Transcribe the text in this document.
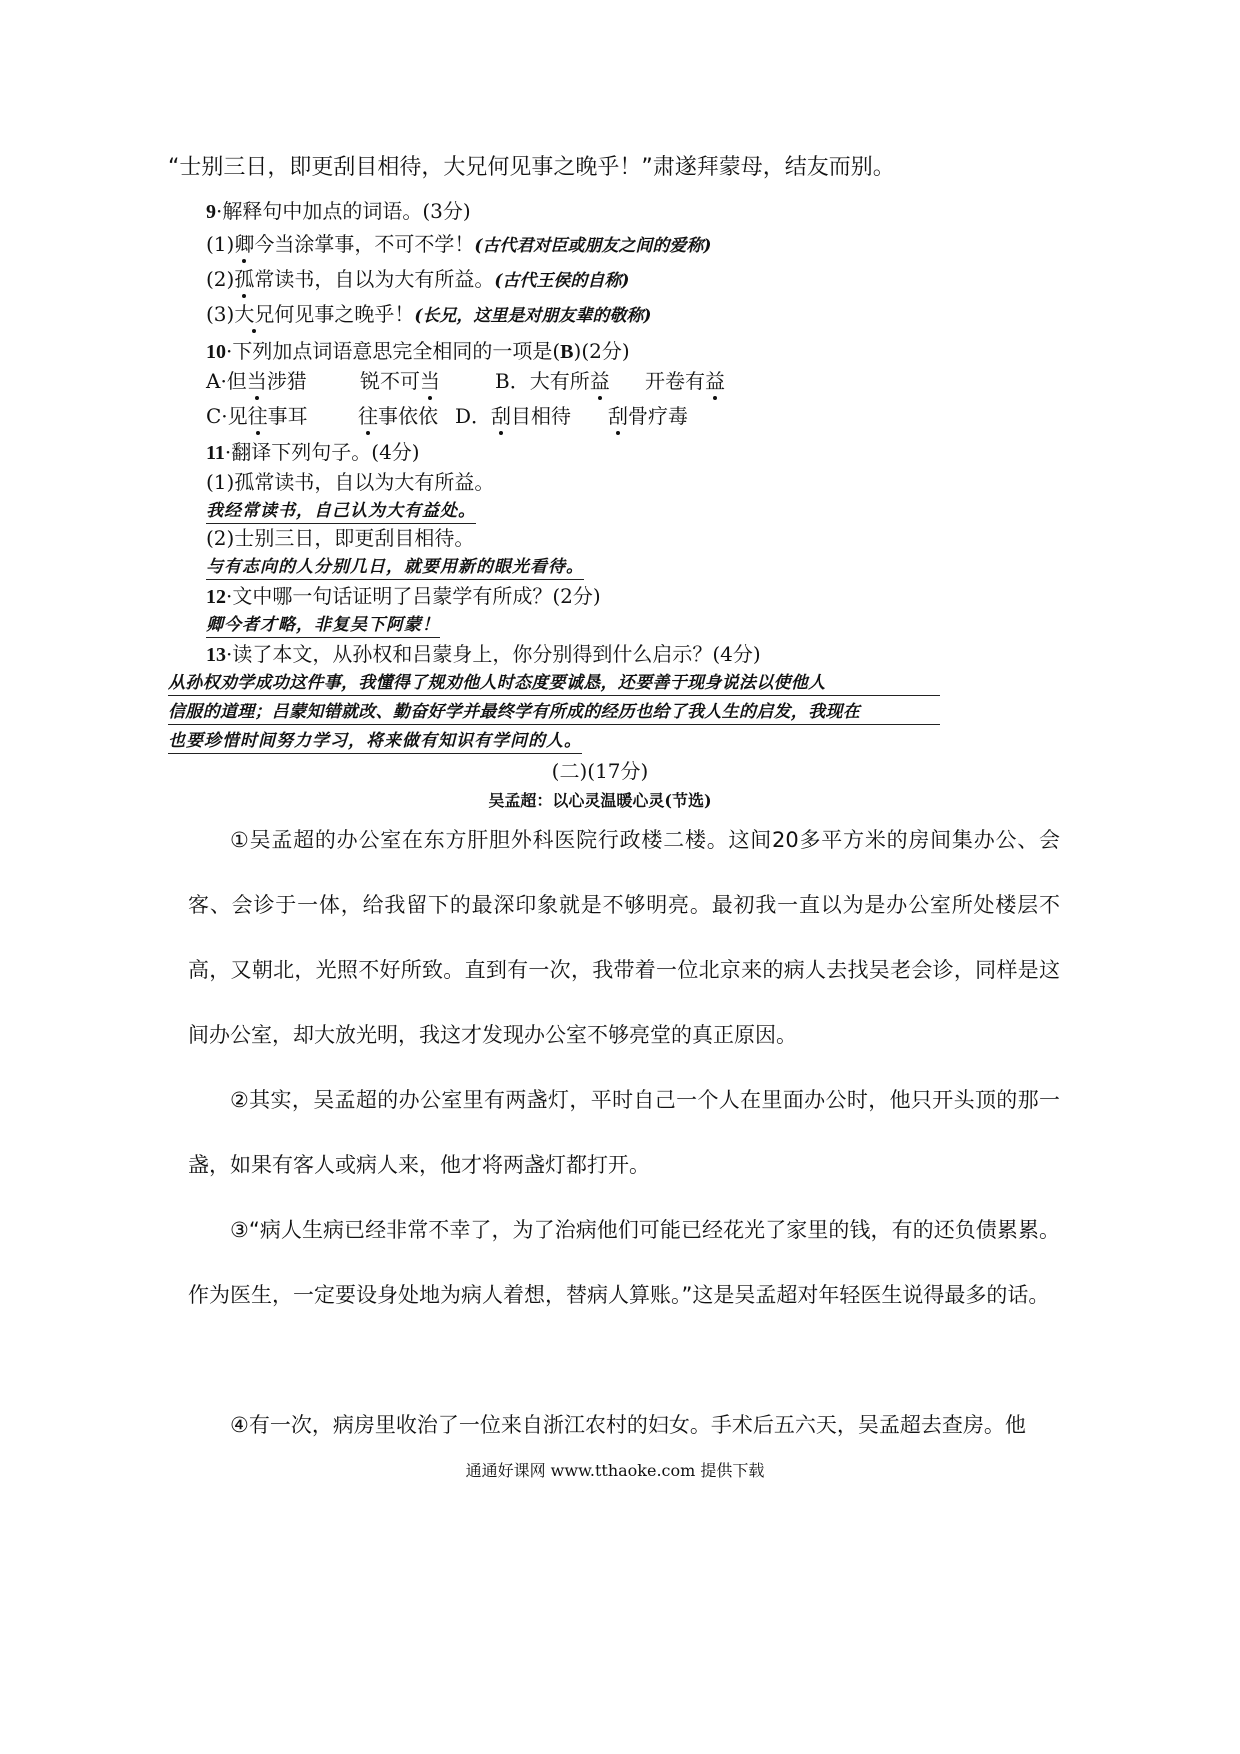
“士别三日，即更刮目相待，大兄何见事之晚乎！”肃遂拜蒙母，结友而别。
9·解释句中加点的词语。(3分)
(1)卿今当涂掌事，不可不学！(古代君对臣或朋友之间的爱称)
(2)孤常读书，自以为大有所益。(古代王侯的自称)
(3)大兄何见事之晚乎！(长兄，这里是对朋友辈的敬称)
10·下列加点词语意思完全相同的一项是(B)(2分)
A·但当涉猎	锐不可当	B．大有所益 开卷有益
C·见往事耳	往事依依 D．刮目相待 刮骨疗毒
11·翻译下列句子。(4分)
(1)孤常读书，自以为大有所益。
我经常读书，自己认为大有益处。
(2)士别三日，即更刮目相待。
与有志向的人分别几日，就要用新的眼光看待。
12·文中哪一句话证明了吕蒙学有所成？(2分)
卿今者才略，非复吴下阿蒙！
13·读了本文，从孙权和吕蒙身上，你分别得到什么启示？(4分)
从孙权劝学成功这件事，我懂得了规劝他人时态度要诚恳，还要善于现身说法以使他人
信服的道理；吕蒙知错就改、勤奋好学并最终学有所成的经历也给了我人生的启发，我现在
也要珍惜时间努力学习，将来做有知识有学问的人。
(二)(17分)
吴孟超：以心灵温暖心灵(节选)

①吴孟超的办公室在东方肝胆外科医院行政楼二楼。这间20多平方米的房间集办公、会客、会诊于一体，给我留下的最深印象就是不够明亮。最初我一直以为是办公室所处楼层不高，又朝北，光照不好所致。直到有一次，我带着一位北京来的病人去找吴老会诊，同样是这间办公室，却大放光明，我这才发现办公室不够亮堂的真正原因。

②其实，吴孟超的办公室里有两盏灯，平时自己一个人在里面办公时，他只开头顶的那一盏，如果有客人或病人来，他才将两盏灯都打开。

③“病人生病已经非常不幸了，为了治病他们可能已经花光了家里的钱，有的还负债累累。作为医生，一定要设身处地为病人着想，替病人算账。”这是吴孟超对年轻医生说得最多的话。

④有一次，病房里收治了一位来自浙江农村的妇女。手术后五六天，吴孟超去查房。他

通通好课网 www.tthaoke.com 提供下载
